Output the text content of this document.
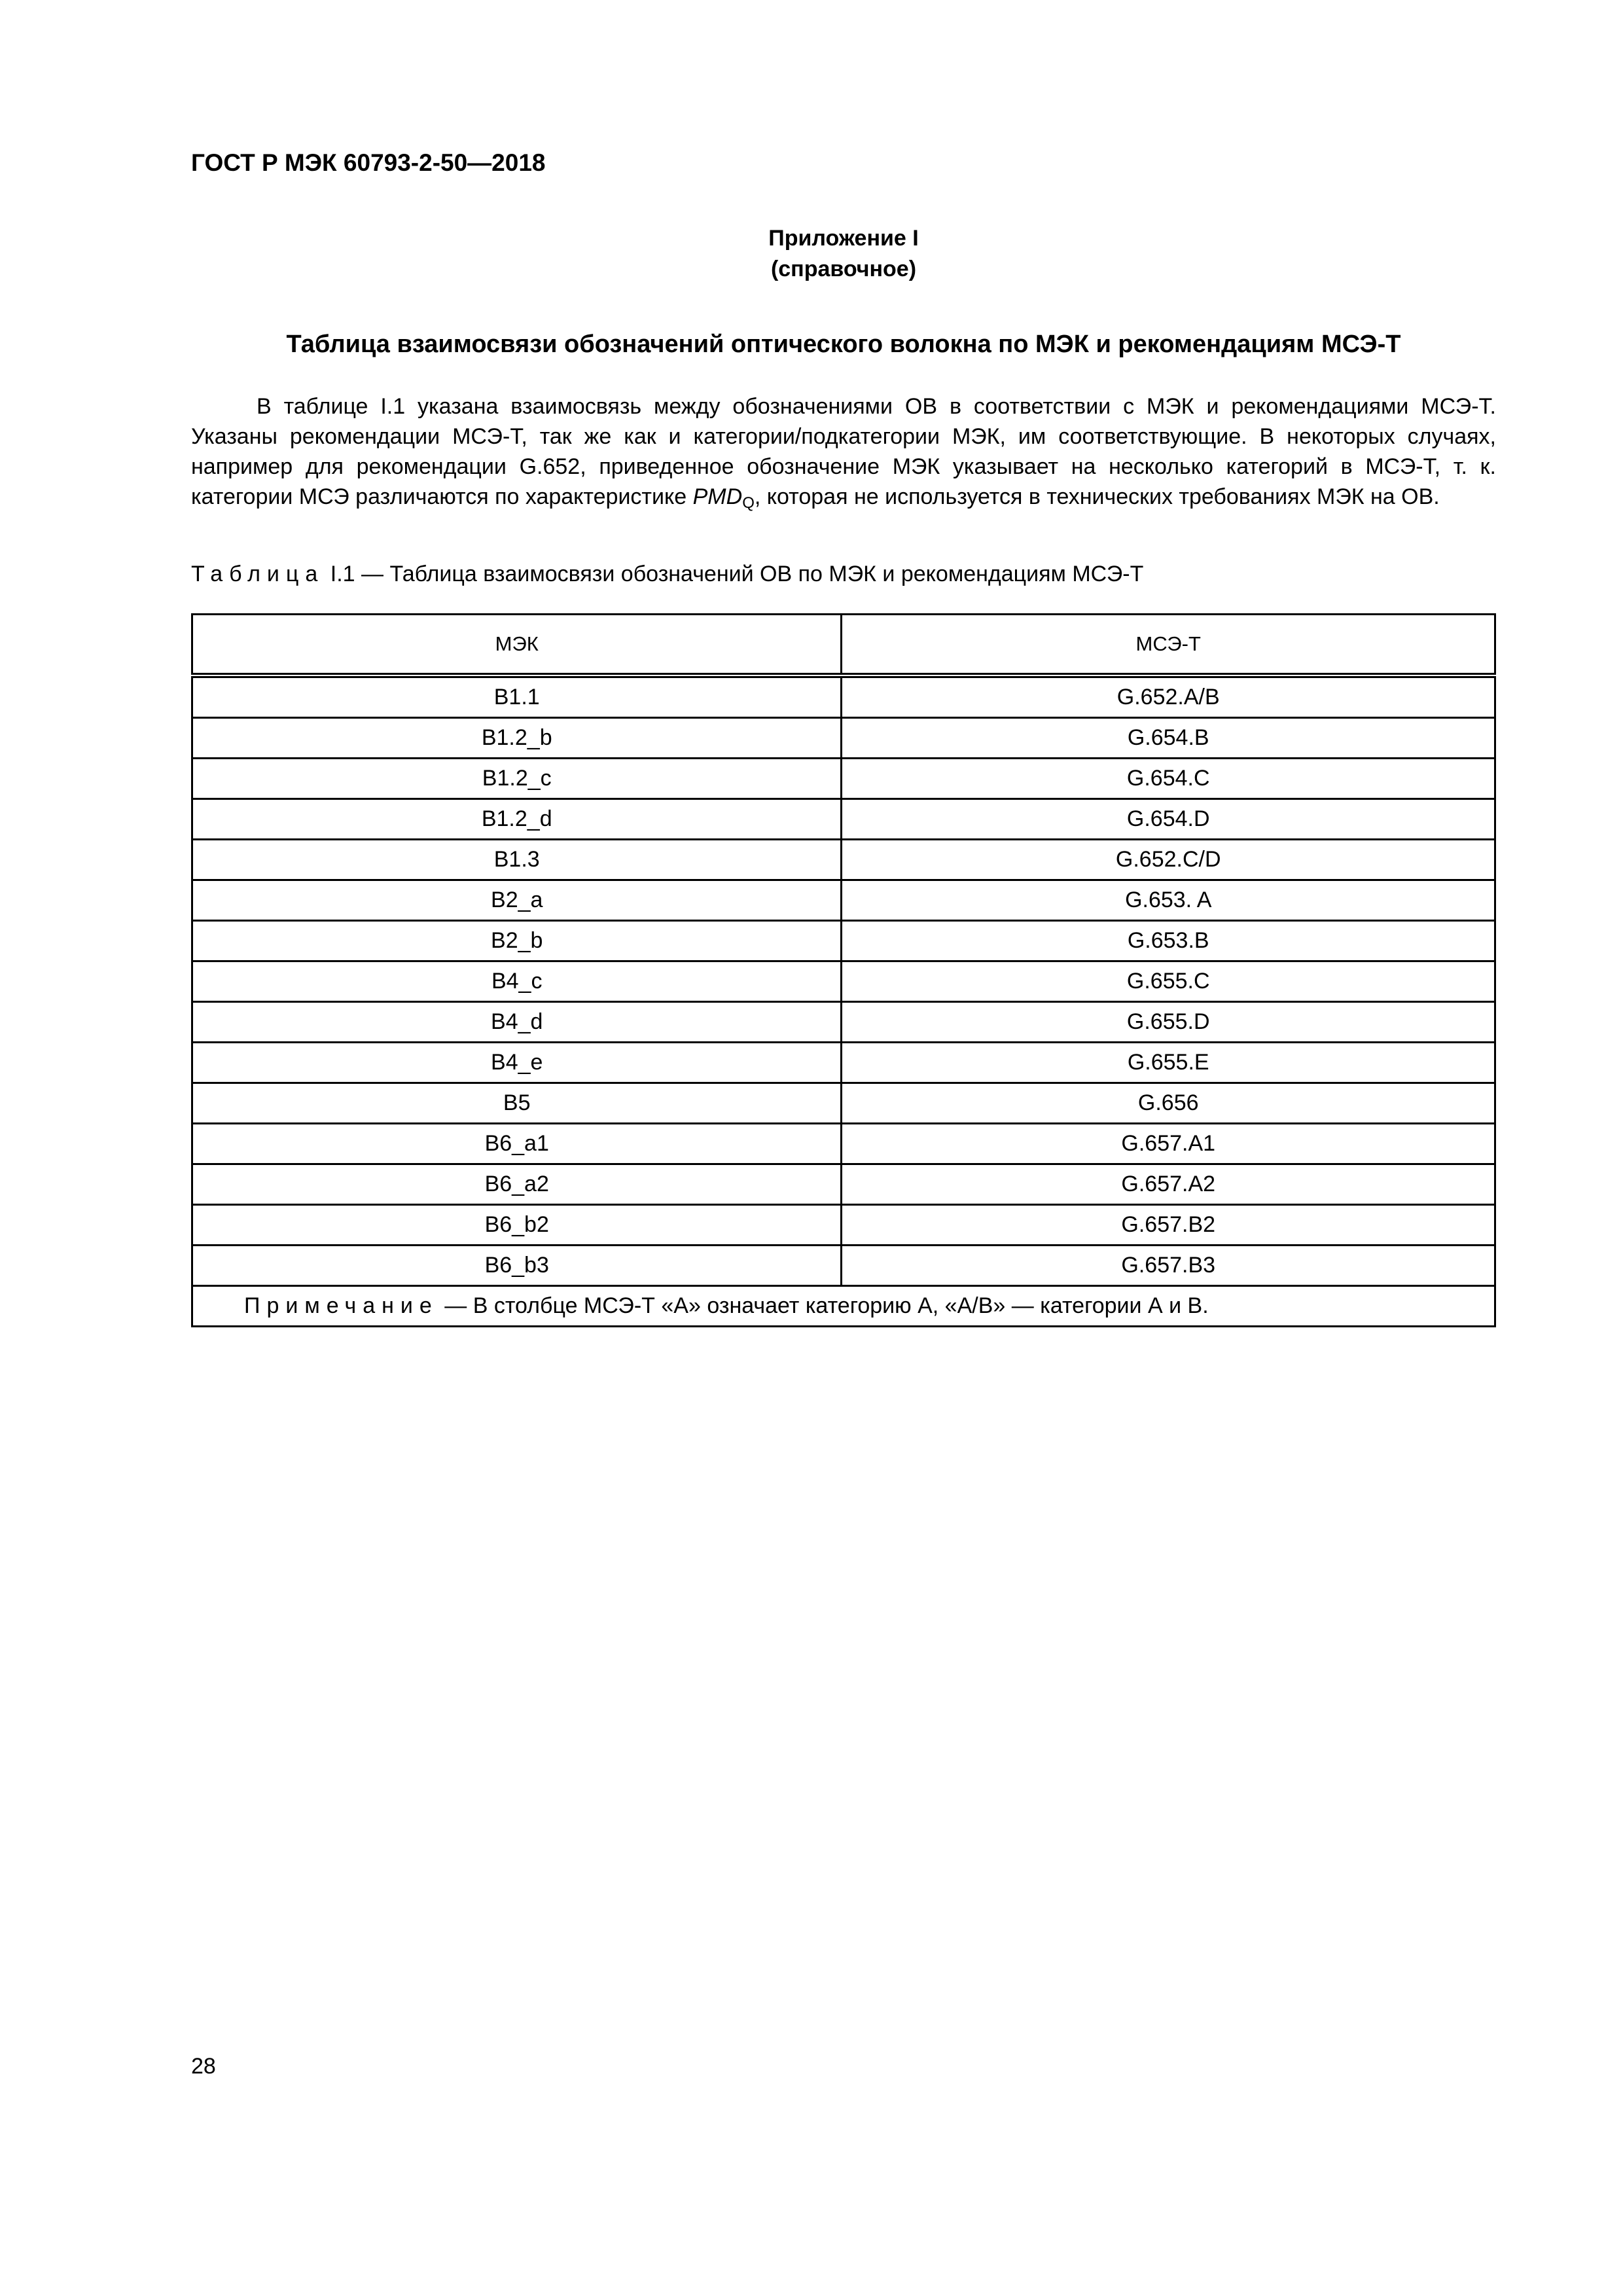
ГОСТ Р МЭК 60793-2-50—2018
Приложение I
(справочное)
Таблица взаимосвязи обозначений оптического волокна по МЭК и рекомендациям МСЭ-Т
В таблице I.1 указана взаимосвязь между обозначениями ОВ в соответствии с МЭК и рекомендациями МСЭ-Т. Указаны рекомендации МСЭ-Т, так же как и категории/подкатегории МЭК, им соответствующие. В некоторых случаях, например для рекомендации G.652, приведенное обозначение МЭК указывает на несколько категорий в МСЭ-Т, т. к. категории МСЭ различаются по характеристике $PMD_Q$, которая не используется в технических требованиях МЭК на ОВ.
Таблица I.1 — Таблица взаимосвязи обозначений ОВ по МЭК и рекомендациям МСЭ-Т
МЭК	МСЭ-Т
B1.1	G.652.A/B
B1.2_b	G.654.B
B1.2_c	G.654.C
B1.2_d	G.654.D
B1.3	G.652.C/D
B2_a	G.653. A
B2_b	G.653.B
B4_c	G.655.C
B4_d	G.655.D
B4_e	G.655.E
B5	G.656
B6_a1	G.657.A1
B6_a2	G.657.A2
B6_b2	G.657.B2
B6_b3	G.657.B3
Примечание — В столбце МСЭ-Т «А» означает категорию А, «А/В» — категории А и В.	
28
